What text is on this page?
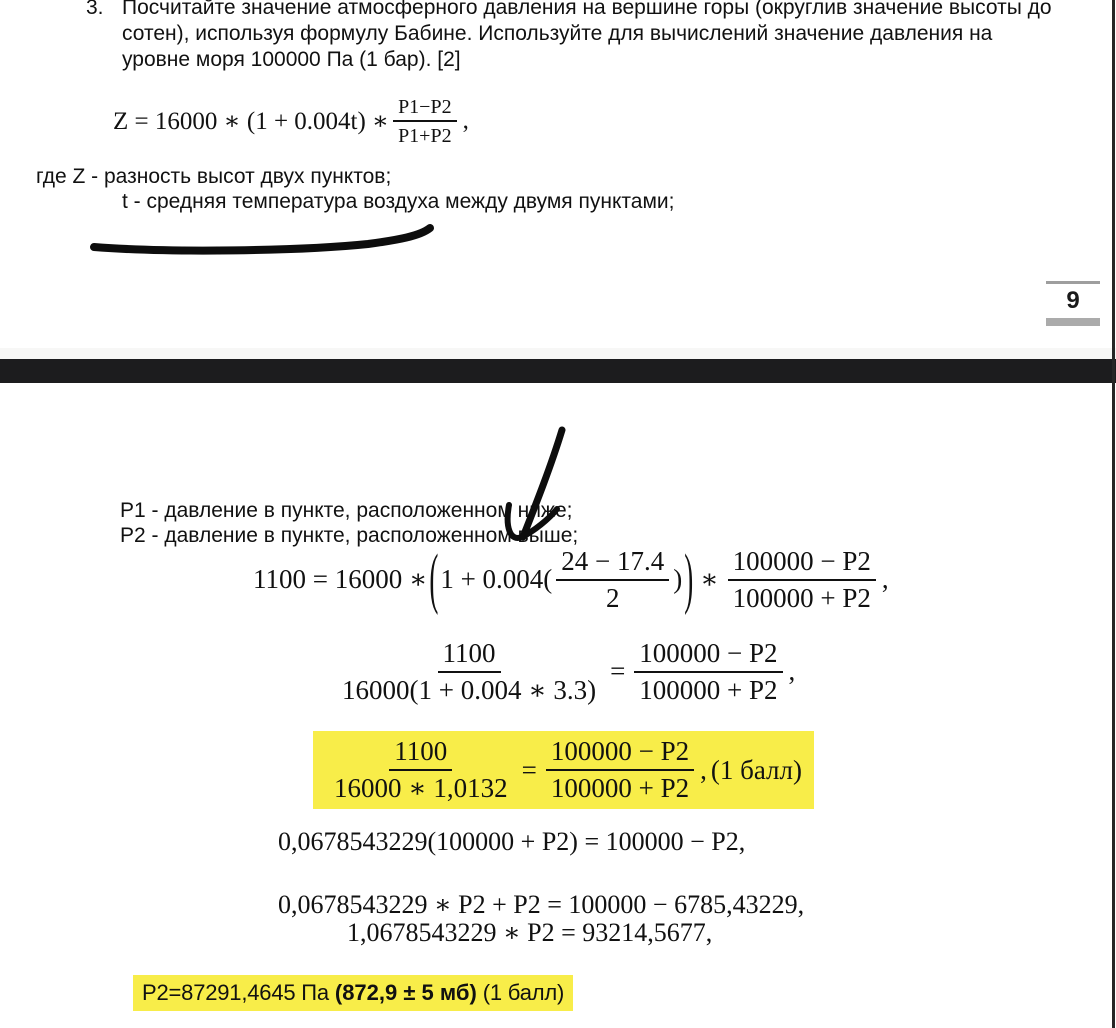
3. Посчитайте значение атмосферного давления на вершине горы (округлив значение высоты до
сотен), используя формулу Бабине. Используйте для вычислений значение давления на
уровне моря 100000 Па (1 бар). [2]
Z = 16000 ∗ (1 + 0.004t) ∗ $\frac{P1-P2}{P1+P2}$ ,
где Z - разность высот двух пунктов;
t - средняя температура воздуха между двумя пунктами;
9
P1 - давление в пункте, расположенном ниже;
P2 - давление в пункте, расположенном выше;
1100 = 16000 ∗ ( $1 + 0.004( \frac{24 - 17.4}{2}$ ) ) ∗ $\frac{100000 - P2}{100000 + P2}$ ,
$\frac{1100}{16000(1 + 0.004 ∗ 3.3)} = \frac{100000 - P2}{100000 + P2}$ ,
$\frac{1100}{16000 ∗ 1,0132} = \frac{100000 - P2}{100000 + P2}$ , (1 балл)
0,0678543229(100000 + P2) = 100000 − P2,
0,0678543229 ∗ P2 + P2 = 100000 − 6785,43229,
1,0678543229 ∗ P2 = 93214,5677,
P2=87291,4645 Па (872,9 ± 5 мб) (1 балл)
